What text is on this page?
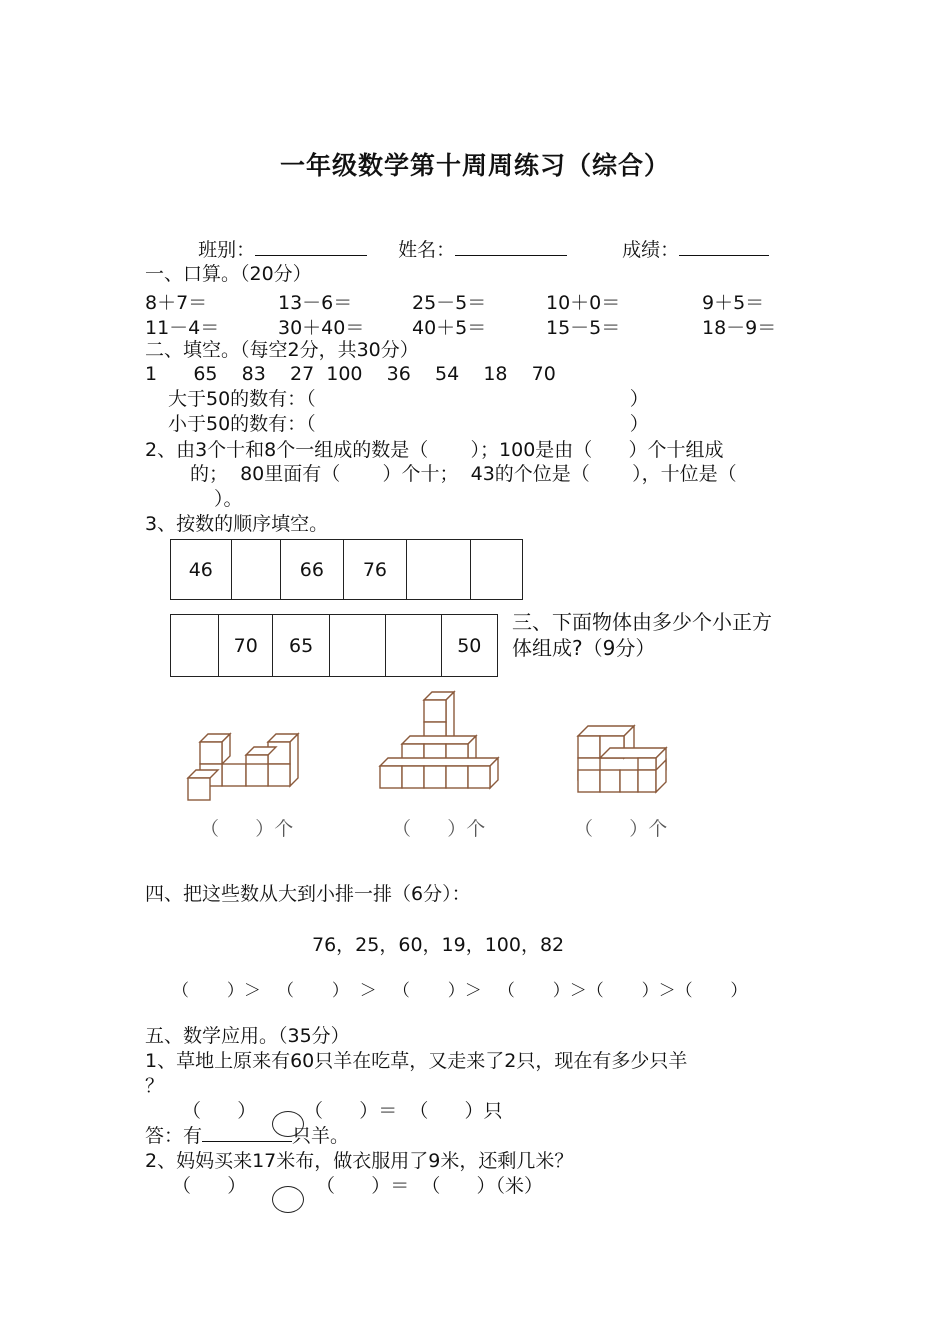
一年级数学第十周周练习（综合）

班别：	姓名：	成绩：

一、口算。（20分）
8＋7＝	13－6＝	25－5＝	10＋0＝	9＋5＝
11－4＝	30＋40＝	40＋5＝	15－5＝	18－9＝
二、填空。（每空2分，共30分）
1      65    83    27  100    36    54    18    70
大于50的数有：（                                                    ）
小于50的数有：（                                                    ）
2、由3个十和8个一组成的数是（       ）；100是由（      ）个十组成
的；  80里面有（       ）个十；  43的个位是（       ），十位是（
）。
3、按数的顺序填空。
46		66	76		
	70	65			50
三、下面物体由多少个小正方
体组成?（9分）
（      ）个	（      ）个	（      ）个
四、把这些数从大到小排一排（6分）：
76，25，60，19，100，82
（       ）＞   （       ）  ＞   （       ）＞   （       ）＞（       ）＞（       ）
五、数学应用。（35分）
1、草地上原来有60只羊在吃草，又走来了2只，现在有多少只羊
？
（      ）	（      ）＝  （      ）只
答：有	只羊。
2、妈妈买来17米布，做衣服用了9米，还剩几米？
（      ）	（      ）＝  （      ）（米）
